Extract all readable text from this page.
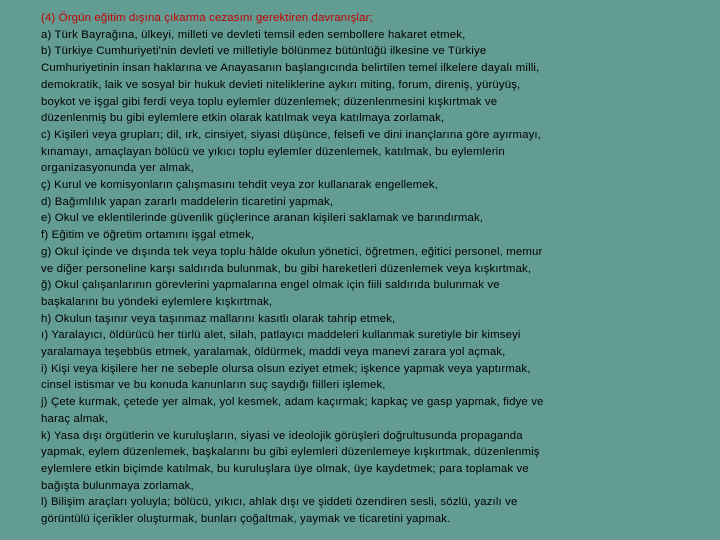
(4) Örgün eğitim dışına çıkarma cezasını gerektiren davranışlar;
a) Türk Bayrağına, ülkeyi, milleti ve devleti temsil eden sembollere hakaret etmek,
b) Türkiye Cumhuriyeti'nin devleti ve milletiyle bölünmez bütünlüğü ilkesine ve Türkiye
Cumhuriyetinin insan haklarına ve Anayasanın başlangıcında belirtilen temel ilkelere dayalı milli,
demokratik, laik ve sosyal bir hukuk devleti niteliklerine aykırı miting, forum, direniş, yürüyüş,
boykot ve işgal gibi ferdi veya toplu eylemler düzenlemek; düzenlenmesini kışkırtmak ve
düzenlenmiş bu gibi eylemlere etkin olarak katılmak veya katılmaya zorlamak,
c) Kişileri veya grupları; dil, ırk, cinsiyet, siyasi düşünce, felsefi ve dini inançlarına göre ayırmayı,
kınamayı, amaçlayan bölücü ve yıkıcı toplu eylemler düzenlemek, katılmak, bu eylemlerin
organizasyonunda yer almak,
ç) Kurul ve komisyonların çalışmasını tehdit veya zor kullanarak engellemek,
d) Bağımlılık yapan zararlı maddelerin ticaretini yapmak,
e) Okul ve eklentilerinde güvenlik güçlerince aranan kişileri saklamak ve barındırmak,
f) Eğitim ve öğretim ortamını işgal etmek,
g) Okul içinde ve dışında tek veya toplu hâlde okulun yönetici, öğretmen, eğitici personel, memur
ve diğer personeline karşı saldırıda bulunmak, bu gibi hareketleri düzenlemek veya kışkırtmak,
ğ) Okul çalışanlarının görevlerini yapmalarına engel olmak için fiili saldırıda bulunmak ve
başkalarını bu yöndeki eylemlere kışkırtmak,
h) Okulun taşınır veya taşınmaz mallarını kasıtlı olarak tahrip etmek,
ı) Yaralayıcı, öldürücü her türlü alet, silah, patlayıcı maddeleri kullanmak suretiyle bir kimseyi
yaralamaya teşebbüs etmek, yaralamak, öldürmek, maddi veya manevi zarara yol açmak,
i) Kişi veya kişilere her ne sebeple olursa olsun eziyet etmek; işkence yapmak veya yaptırmak,
cinsel istismar ve bu konuda kanunların suç saydığı fiilleri işlemek,
j) Çete kurmak, çetede yer almak, yol kesmek, adam kaçırmak; kapkaç ve gasp yapmak, fidye ve
haraç almak,
k) Yasa dışı örgütlerin ve kuruluşların, siyasi ve ideolojik görüşleri doğrultusunda propaganda
yapmak, eylem düzenlemek, başkalarını bu gibi eylemleri düzenlemeye kışkırtmak, düzenlenmiş
eylemlere etkin biçimde katılmak, bu kuruluşlara üye olmak, üye kaydetmek; para toplamak ve
bağışta bulunmaya zorlamak,
l) Bilişim araçları yoluyla; bölücü, yıkıcı, ahlak dışı ve şiddeti özendiren sesli, sözlü, yazılı ve
görüntülü içerikler oluşturmak, bunları çoğaltmak, yaymak ve ticaretini yapmak.
